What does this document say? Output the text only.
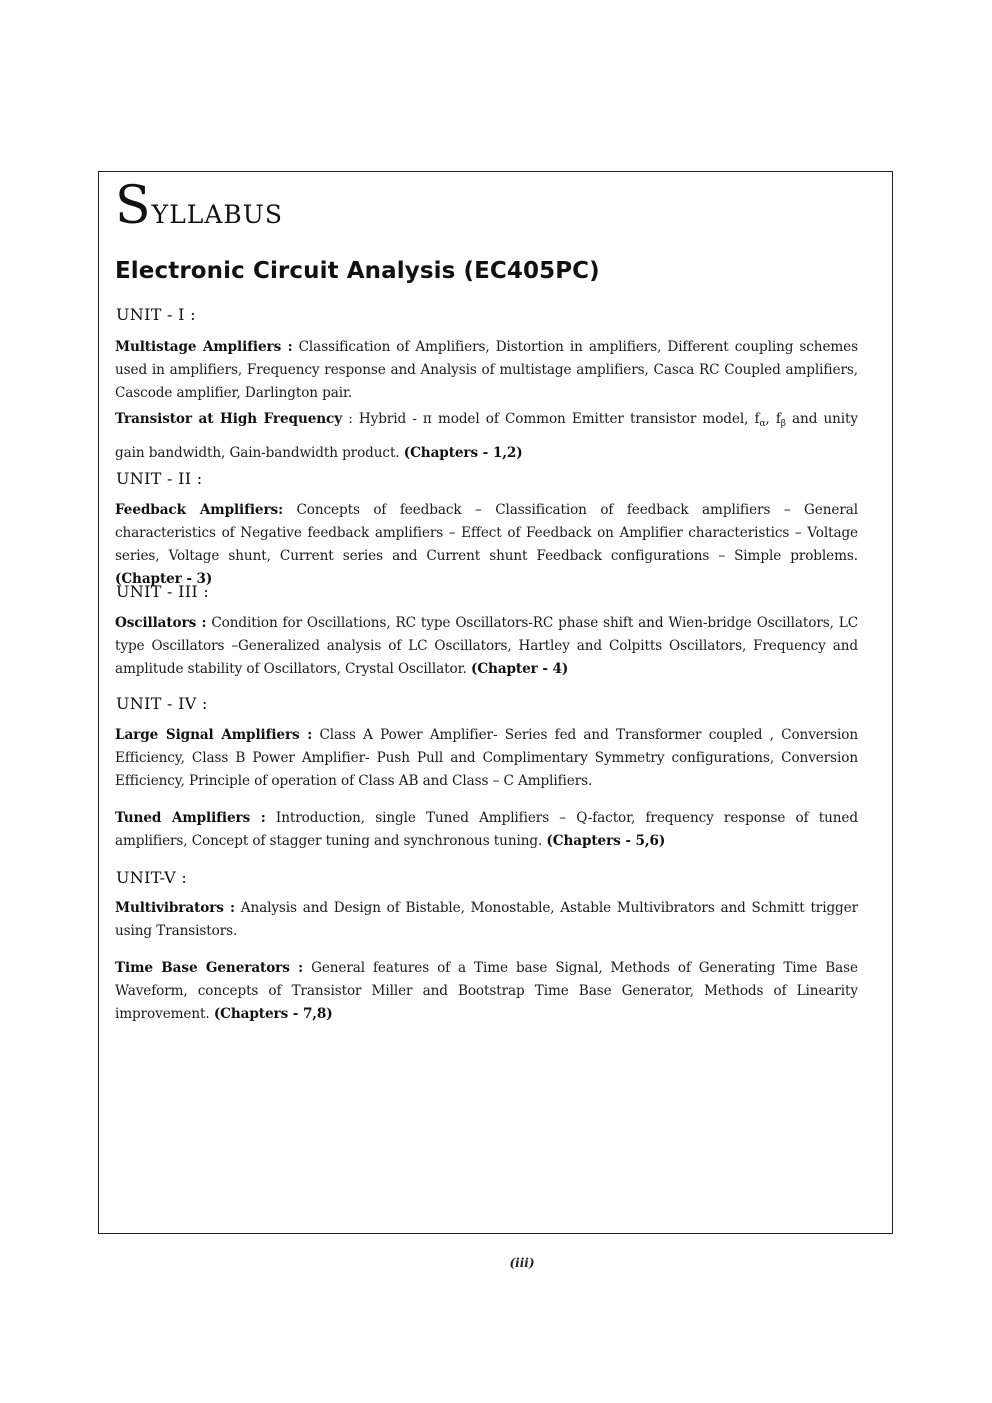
Syllabus
Electronic Circuit Analysis (EC405PC)
UNIT - I :

Multistage Amplifiers : Classification of Amplifiers, Distortion in amplifiers, Different coupling schemes used in amplifiers, Frequency response and Analysis of multistage amplifiers, Casca RC Coupled amplifiers, Cascode amplifier, Darlington pair.

Transistor at High Frequency : Hybrid - π model of Common Emitter transistor model, $f_\alpha$, $f_\beta$ and unity gain bandwidth, Gain-bandwidth product. (Chapters - 1,2)

UNIT - II :

Feedback Amplifiers: Concepts of feedback – Classification of feedback amplifiers – General characteristics of Negative feedback amplifiers – Effect of Feedback on Amplifier characteristics – Voltage series, Voltage shunt, Current series and Current shunt Feedback configurations – Simple problems. (Chapter - 3)

UNIT - III :

Oscillators : Condition for Oscillations, RC type Oscillators-RC phase shift and Wien-bridge Oscillators, LC type Oscillators –Generalized analysis of LC Oscillators, Hartley and Colpitts Oscillators, Frequency and amplitude stability of Oscillators, Crystal Oscillator. (Chapter - 4)

UNIT - IV :

Large Signal Amplifiers : Class A Power Amplifier- Series fed and Transformer coupled , Conversion Efficiency, Class B Power Amplifier- Push Pull and Complimentary Symmetry configurations, Conversion Efficiency, Principle of operation of Class AB and Class – C Amplifiers.

Tuned Amplifiers : Introduction, single Tuned Amplifiers – Q-factor, frequency response of tuned amplifiers, Concept of stagger tuning and synchronous tuning. (Chapters - 5,6)

UNIT-V :

Multivibrators : Analysis and Design of Bistable, Monostable, Astable Multivibrators and Schmitt trigger using Transistors.

Time Base Generators : General features of a Time base Signal, Methods of Generating Time Base Waveform, concepts of Transistor Miller and Bootstrap Time Base Generator, Methods of Linearity improvement. (Chapters - 7,8)

(iii)
